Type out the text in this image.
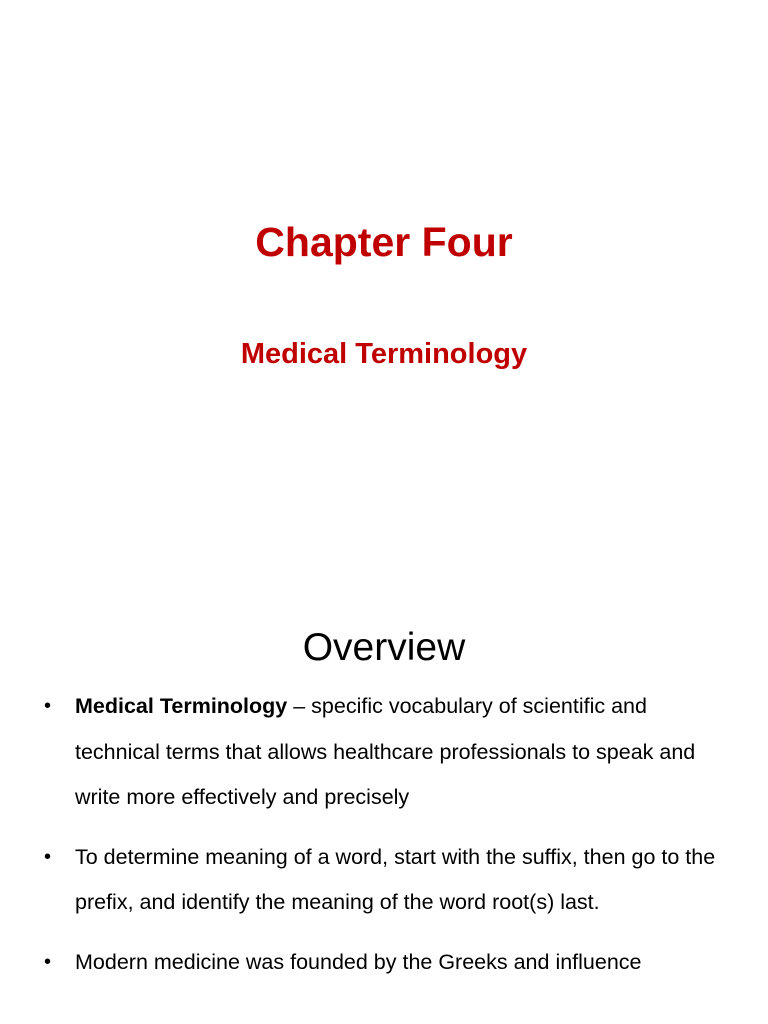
Chapter Four
Medical Terminology
Overview
• Medical Terminology – specific vocabulary of scientific and technical terms that allows healthcare professionals to speak and write more effectively and precisely
• To determine meaning of a word, start with the suffix, then go to the prefix, and identify the meaning of the word root(s) last.
• Modern medicine was founded by the Greeks and influence
